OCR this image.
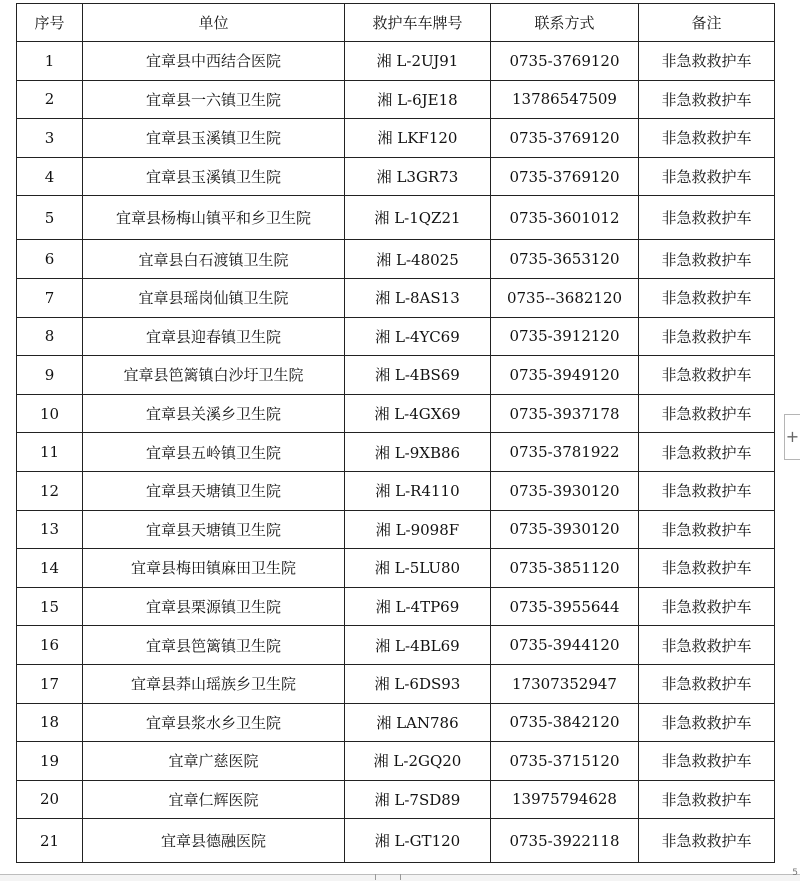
序号	单位	救护车车牌号	联系方式	备注
1	宜章县中西结合医院	湘 L-2UJ91	0735-3769120	非急救救护车
2	宜章县一六镇卫生院	湘 L-6JE18	13786547509	非急救救护车
3	宜章县玉溪镇卫生院	湘 LKF120	0735-3769120	非急救救护车
4	宜章县玉溪镇卫生院	湘 L3GR73	0735-3769120	非急救救护车
5	宜章县杨梅山镇平和乡卫生院	湘 L-1QZ21	0735-3601012	非急救救护车
6	宜章县白石渡镇卫生院	湘 L-48025	0735-3653120	非急救救护车
7	宜章县瑶岗仙镇卫生院	湘 L-8AS13	0735--3682120	非急救救护车
8	宜章县迎春镇卫生院	湘 L-4YC69	0735-3912120	非急救救护车
9	宜章县笆篱镇白沙圩卫生院	湘 L-4BS69	0735-3949120	非急救救护车
10	宜章县关溪乡卫生院	湘 L-4GX69	0735-3937178	非急救救护车
11	宜章县五岭镇卫生院	湘 L-9XB86	0735-3781922	非急救救护车
12	宜章县天塘镇卫生院	湘 L-R4110	0735-3930120	非急救救护车
13	宜章县天塘镇卫生院	湘 L-9098F	0735-3930120	非急救救护车
14	宜章县梅田镇麻田卫生院	湘 L-5LU80	0735-3851120	非急救救护车
15	宜章县栗源镇卫生院	湘 L-4TP69	0735-3955644	非急救救护车
16	宜章县笆篱镇卫生院	湘 L-4BL69	0735-3944120	非急救救护车
17	宜章县莽山瑶族乡卫生院	湘 L-6DS93	17307352947	非急救救护车
18	宜章县浆水乡卫生院	湘 LAN786	0735-3842120	非急救救护车
19	宜章广慈医院	湘 L-2GQ20	0735-3715120	非急救救护车
20	宜章仁辉医院	湘 L-7SD89	13975794628	非急救救护车
21	宜章县德融医院	湘 L-GT120	0735-3922118	非急救救护车
+
5
